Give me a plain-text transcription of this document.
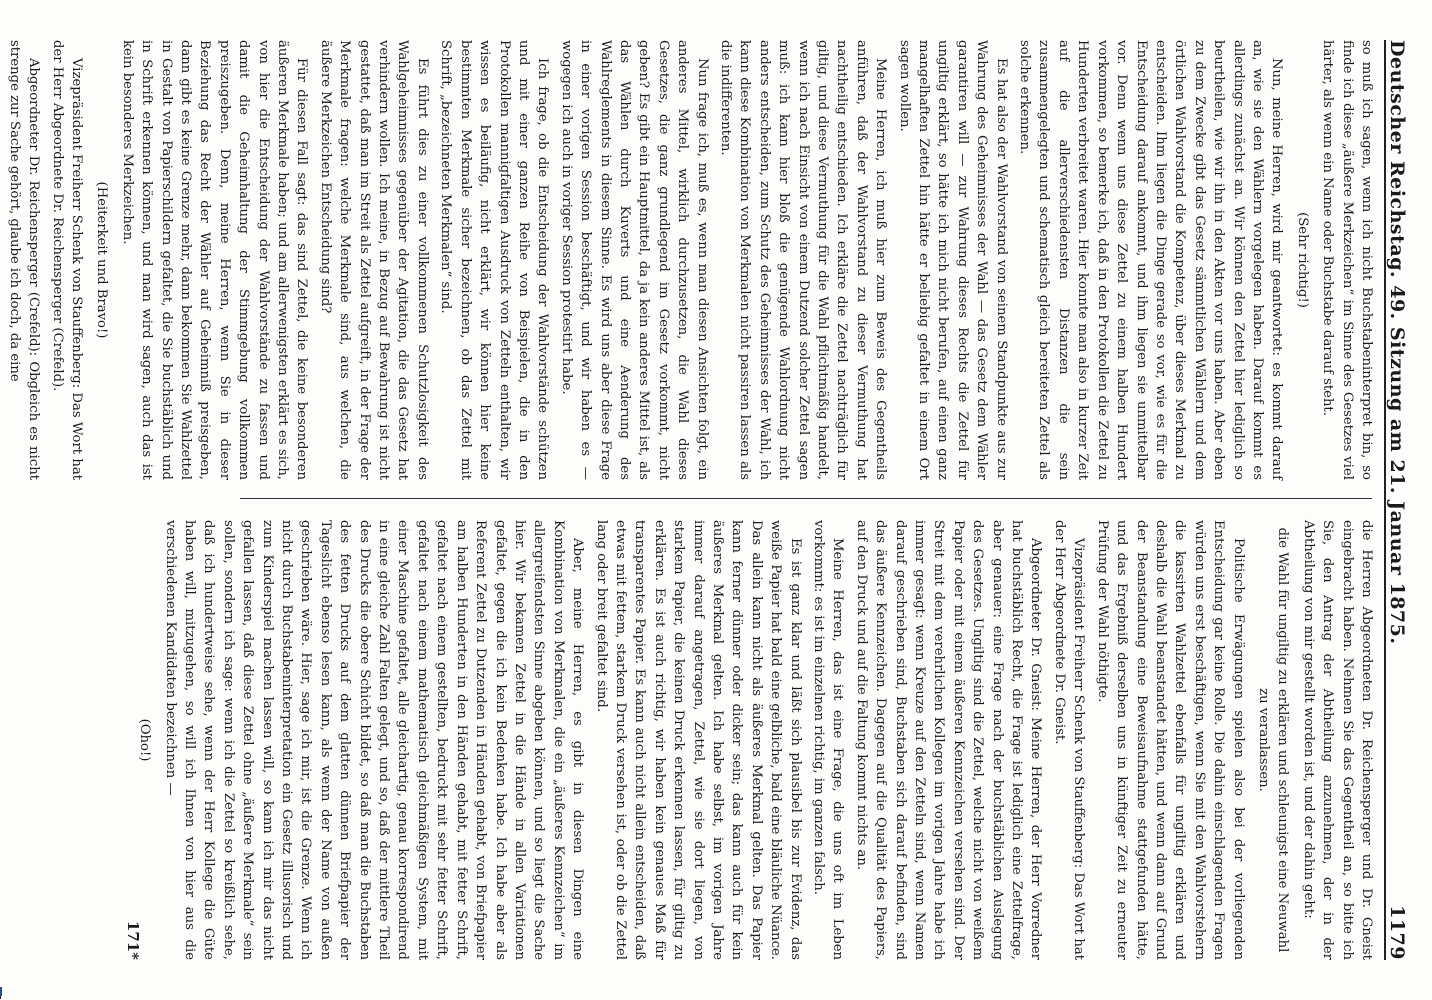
Deutscher Reichstag. 49. Sitzung am 21. Januar 1875.
1179

so muß ich sagen, wenn ich nicht Buchstabeninterpret bin, so finde ich diese „äußere Merkzeichen“ im Sinne des Gesetzes viel härter, als wenn ein Name oder Buchstabe darauf steht.

(Sehr richtig!)

Nun, meine Herren, wird mir geantwortet: es kommt darauf an, wie sie den Wählern vorgelegen haben. Darauf kommt es allerdings zunächst an. Wir können den Zettel hier lediglich so beurtheilen, wie wir ihn in den Akten vor uns haben. Aber eben zu dem Zwecke gibt das Gesetz sämmtlichen Wählern und dem örtlichen Wahlvorstand die Kompetenz, über dieses Merkmal zu entscheiden. Ihm liegen die Dinge gerade so vor, wie es für die Entscheidung darauf ankommt, und ihm liegen sie unmittelbar vor. Denn wenn uns diese Zettel zu einem halben Hundert vorkommen, so bemerke ich, daß in den Protokollen die Zettel zu Hunderten verbreitet waren. Hier konnte man also in kurzer Zeit auf die allerverschiedensten Distanzen die sein zusammengelegten und schematisch gleich bereiteten Zettel als solche erkennen.

Es hat also der Wahlvorstand von seinem Standpunkte aus zur Wahrung des Geheimnisses der Wahl — das Gesetz dem Wähler garantiren will — zur Wahrung dieses Rechts die Zettel für ungiltig erklärt, so hätte ich mich nicht berufen, auf einen ganz mangelhaften Zettel hin hätte er beliebig gefaltet in einem Ort sagen wollen.

Meine Herren, ich muß hier zum Beweis des Gegentheils anführen, daß der Wahlvorstand zu dieser Vermuthung hat nachtheilig entschieden. Ich erkläre die Zettel nachträglich für giltig, und diese Vermuthung für die Wahl pflichtmäßig handelt, wenn ich nach Einsicht von einem Dutzend solcher Zettel sagen muß: ich kann hier bloß die genügende Wahlordnung nicht anders entscheiden, zum Schutz des Geheimnisses der Wahl, ich kann diese Kombination von Merkmalen nicht passiren lassen als die indifferenten.

Nun frage ich, muß es, wenn man diesen Ansichten folgt, ein anderes Mittel, wirklich durchzusetzen, die Wahl dieses Gesetzes, die ganz grundlegend im Gesetz vorkommt, nicht geben? Es gibt ein Hauptmittel, da ja kein anderes Mittel ist, als das Wählen durch Kuverts und eine Aenderung des Wahlreglements in diesem Sinne. Es wird uns aber diese Frage in einer vorigen Session beschäftigt, und wir haben es — wogegen ich auch in voriger Session protestirt habe.

Ich frage, ob die Entscheidung der Wahlvorstände schützen und mit einer ganzen Reihe von Beispielen, die in den Protokollen mannigfaltigen Ausdruck von Zetteln enthalten, wir wissen es beiläufig, nicht erklärt, wir können hier keine bestimmten Merkmale sicher bezeichnen, ob das Zettel mit Schrift, „bezeichneten Merkmalen“ sind.

Es führt dies zu einer vollkommenen Schutzlosigkeit des Wahlgeheimnisses gegenüber der Agitation, die das Gesetz hat verhindern wollen. Ich meine, in Bezug auf Bewahrung ist nicht gestattet, daß man im Streit als Zettel aufgreift, in der Frage der Merkmale fragen: welche Merkmale sind, aus welchen, die äußere Merkzeichen Entscheidung sind?

Für diesen Fall sagt: das sind Zettel, die keine besonderen äußeren Merkmale haben; und am allerwenigsten erklärt es sich, von hier die Entscheidung der Wahlvorstände zu fassen und damit die Geheimhaltung der Stimmgebung vollkommen preiszugeben. Denn, meine Herren, wenn Sie in dieser Beziehung das Recht der Wähler auf Geheimniß preisgeben, dann gibt es keine Grenze mehr, dann bekommen Sie Wahlzettel in Gestalt von Papierschildern gefaltet, die Sie buchstäblich und in Schrift erkennen können, und man wird sagen, auch das ist kein besonderes Merkzeichen.

(Heiterkeit und Bravo!)

Vizepräsident Freiherr Schenk von Stauffenberg: Das Wort hat der Herr Abgeordnete Dr. Reichensperger (Crefeld).

Abgeordneter Dr. Reichensperger (Crefeld): Obgleich es nicht strenge zur Sache gehört, glaube ich doch, da eine

die Herren Abgeordneten Dr. Reichensperger und Dr. Gneist eingebracht haben. Nehmen Sie das Gegentheil an, so bitte ich Sie, den Antrag der Abtheilung anzunehmen, der in der Abtheilung von mir gestellt worden ist, und der dahin geht:

die Wahl für ungiltig zu erklären und schleunigst eine Neuwahl zu veranlassen.

Politische Erwägungen spielen also bei der vorliegenden Entscheidung gar keine Rolle. Die dahin einschlagenden Fragen würden uns erst beschäftigen, wenn Sie mit den Wahlvorstehern die kassirten Wahlzettel ebenfalls für ungiltig erklären und deshalb die Wahl beanstandet hätten, und wenn dann auf Grund der Beanstandung eine Beweisaufnahme stattgefunden hätte, und das Ergebniß derselben uns in künftiger Zeit zu erneuter Prüfung der Wahl nöthigte.

Vizepräsident Freiherr Schenk von Stauffenberg: Das Wort hat der Herr Abgeordnete Dr. Gneist.

Abgeordneter Dr. Gneist: Meine Herren, der Herr Vorredner hat buchstäblich Recht, die Frage ist lediglich eine Zettelfrage, aber genauer: eine Frage nach der buchstäblichen Auslegung des Gesetzes. Ungiltig sind die Zettel, welche nicht von weißem Papier oder mit einem äußeren Kennzeichen versehen sind. Der Streit mit dem verehrlichen Kollegen im vorigen Jahre habe ich immer gesagt: wenn Kreuze auf den Zetteln sind, wenn Namen darauf geschrieben sind, Buchstaben sich darauf befinden, sind das äußere Kennzeichen. Dagegen auf die Qualität des Papiers, auf den Druck und auf die Faltung kommt nichts an.

Meine Herren, das ist eine Frage, die uns oft im Leben vorkommt: es ist im einzelnen richtig, im ganzen falsch.

Es ist ganz klar und läßt sich plausibel bis zur Evidenz, das weiße Papier hat bald eine gelbliche, bald eine bläuliche Nüance. Das allein kann nicht als äußeres Merkmal gelten. Das Papier kann ferner dünner oder dicker sein; das kann auch für kein äußeres Merkmal gelten. Ich habe selbst, im vorigen Jahre immer darauf angetragen, Zettel, wie sie dort liegen, von starkem Papier, die keinen Druck erkennen lassen, für giltig zu erklären. Es ist auch richtig, wir haben kein genaues Maß für transparentes Papier. Es kann auch nicht allein entscheiden, daß etwas mit fettem, starkem Druck versehen ist, oder ob die Zettel lang oder breit gefaltet sind.

Aber, meine Herren, es gibt in diesen Dingen eine Kombination von Merkmalen, die ein „äußeres Kennzeichen“ im allergreifendsten Sinne abgeben können, und so liegt die Sache hier. Wir bekamen Zettel in die Hände in allen Variationen gefaltet, gegen die ich kein Bedenken habe. Ich habe aber als Referent Zettel zu Dutzenden in Händen gehabt, von Briefpapier am halben Hunderten in den Händen gehabt, mit fetter Schrift, gefaltet nach einem gestellten, bedruckt mit sehr fetter Schrift, gefaltet nach einem mathematisch gleichmäßigen System, mit einer Maschine gefaltet, alle gleichartig, genau korrespondirend in eine gleiche Zahl Falten gelegt, und so, daß der mittlere Theil des Drucks die obere Schicht bildet, so daß man die Buchstaben des fetten Drucks auf dem glatten dünnen Briefpapier der Tageslicht ebenso lesen kann, als wenn der Name von außen geschrieben wäre. Hier, sage ich mir, ist die Grenze. Wenn ich nicht durch Buchstabeninterpretation ein Gesetz illusorisch und zum Kinderspiel machen lassen will, so kann ich mir das nicht gefallen lassen, daß diese Zettel ohne „äußere Merkmale“ sein sollen, sondern ich sage: wenn ich die Zettel so kreißlich sehe, daß ich hundertweise sehe, wenn der Herr Kollege die Güte haben will, mitzugehen, so will ich Ihnen von hier aus die verschiedenen Kandidaten bezeichnen —

(Oho!)

171*
